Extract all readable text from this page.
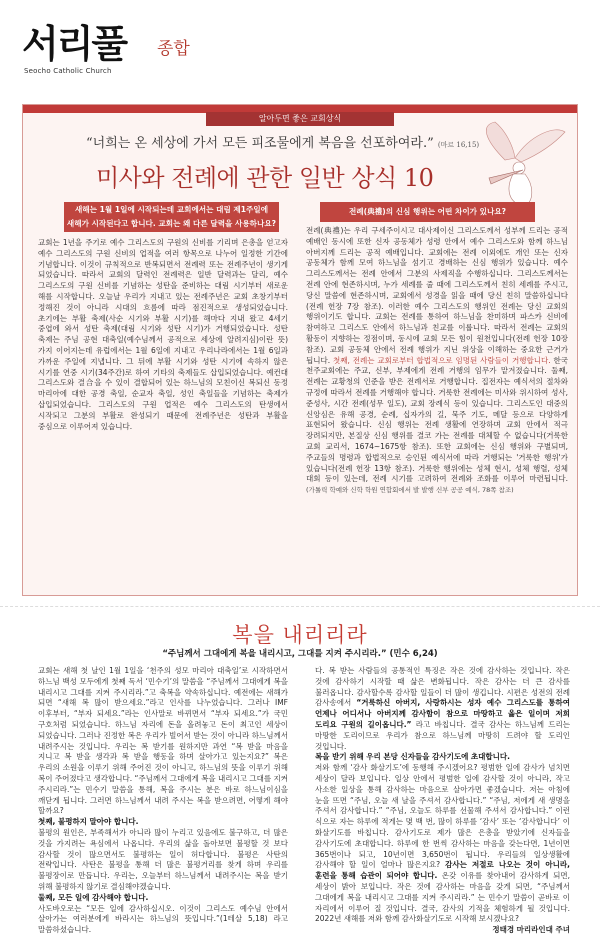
서리풀
Seocho Catholic Church
종합
알아두면 좋은 교회상식
“너희는 온 세상에 가서 모든 피조물에게 복음을 선포하여라.” (마르 16,15)
미사와 전례에 관한 일반 상식 10
새해는 1월 1일에 시작되는데 교회에서는 대림 제1주일에
새해가 시작된다고 합니다. 교회는 왜 다른 달력을 사용하나요?
전례(典禮)의 신심 행위는 어떤 차이가 있나요?
교회는 1년을 주기로 예수 그리스도의 구원의 신비를 기리며 은총을 얻고자 예수 그리스도의 구원 신비의 업적을 여러 항목으로 나누어 일정한 기간에 기념합니다. 이것이 규칙적으로 반복되면서 전례력 또는 전례주년이 생기게 되었습니다. 따라서 교회의 달력인 전례력은 일반 달력과는 달리, 예수 그리스도의 구원 신비를 기념하는 성탄을 준비하는 대림 시기부터 새로운 해를 시작합니다. 오늘날 우리가 지내고 있는 전례주년은 교회 초창기부터 정해진 것이 아니라 시대의 흐름에 따라 점진적으로 생성되었습니다. 초기에는 부활 축제(사순 시기와 부활 시기)를 해마다 지내 왔고 4세기 중엽에 와서 성탄 축제(대림 시기와 성탄 시기)가 거행되었습니다. 성탄 축제는 주님 공현 대축일(예수님께서 공적으로 세상에 알려지심)이란 뜻)가지 이어지는데 유럽에서는 1월 6일에 지내고 우리나라에서는 1월 6일과 가까운 주일에 지냅니다. 그 뒤에 부활 시기와 성탄 시기에 속하지 않은 시기를 연중 시기(34주간)로 하여 기타의 축제들도 삽입되었습니다. 예컨대 그리스도와 결合을 수 있이 결합되어 있는 하느님의 모친이신 복되신 동정 마리아에 대한 공경 축일, 순교자 축일, 성인 축일들을 기념하는 축제가 삽입되었습니다. 그리스도의 구원 업적은 예수 그리스도의 탄생에서 시작되고 그분의 부활로 완성되기 때문에 전례주년은 성탄과 부활을 중심으로 이루어져 있습니다.
전례(典禮)는 우리 구세주이시고 대사제이신 그리스도께서 성부께 드리는 공적 예배인 동시에 또한 신자 공동체가 성령 안에서 예수 그리스도와 함께 하느님 아버지께 드리는 공적 예배입니다. 교회에는 전례 이외에도 개인 또는 신자 공동체가 함께 모여 하느님을 섬기고 경배하는 신심 행위가 있습니다. 예수 그리스도께서는 전례 안에서 그분의 사제직을 수행하십니다. 그리스도께서는 전례 안에 현존하시며, 누가 세례를 줄 때에 그리스도께서 친히 세례를 주시고, 당신 말씀에 현존하시며, 교회에서 성경을 읽을 때에 당신 친히 말씀하십니다(전례 헌장 7장 참조). 이러한 예수 그리스도의 행위인 전례는 당신 교회의 행위이기도 합니다. 교회는 전례를 통하여 하느님을 찬미하며 파스카 신비에 참여하고 그리스도 안에서 하느님과 친교를 이룹니다. 따라서 전례는 교회의 활동이 지향하는 정점이며, 동시에 교회 모든 힘이 원천입니다(전례 헌장 10장 참조). 교회 공동체 안에서 전례 행위가 지닌 위상을 이해하는 중요한 근거가 됩니다. 첫째, 전례는 교회로부터 합법적으로 임명된 사람들이 거행합니다. 한국 천주교회에는 주교, 신부, 부제에게 전례 거행의 임무가 맡겨졌습니다. 둘째, 전례는 교황청의 인준을 받은 전례서로 거행합니다. 집전자는 예식서의 절차와 규정에 따라서 전례를 거행해야 합니다. 거룩한 전례에는 미사와 위시하여 성사, 준성사, 시간 전례(성무 일도), 교회 장례식 등이 있습니다. 그리스도인 대중의 신앙심은 유해 공경, 순례, 십자가의 길, 묵주 기도, 메달 등으로 다양하게 표현되어 왔습니다. 신심 행위는 전례 생활에 연장하며 교회 안에서 적극 장려되지만, 본질상 신심 행위를 결코 가는 전례를 대체할 수 없습니다(거룩한 교회 교리서, 1674~1675항 참조). 또한 교회에는 신심 행위와 구별되며, 주교들의 명령과 합법적으로 승인된 예식서에 따라 거행되는 '거룩한 행위'가 있습니다(전례 헌장 13항 참조). 거룩한 행위에는 성체 현시, 성체 행렬, 성체 대회 등이 있는데, 전례 시기를 고려하여 전례와 조화를 이루어 마련됩니다. (가톨릭 학예와 신학 학원 연합회에서 발 발행 신부 공공 예식, 78쪽 참조)
복을 내리리라
“주님께서 그대에게 복을 내리시고, 그대를 지켜 주시리라.” (민수 6,24)
교회는 새해 첫 날인 1월 1일을 ‘천주의 성모 마리아 대축일’로 시작하면서 하느님 백성 모두에게 첫째 독서 ‘민수기’의 말씀을 “주님께서 그대에게 복을 내리시고 그대를 지켜 주시리라.”고 축복을 약속하십니다. 예전에는 새해가 되면 “새해 복 많이 받으세요.”라고 인사를 나누었습니다. 그러나 IMF 이후부터, “부자 되세요.”라는 인사말로 바뀌면서 “부자 되세요.”가 국민 구호처럼 되었습니다. 하느님 자리에 돈을 올려놓고 돈이 최고인 세상이 되었습니다. 그러나 진정한 복은 우리가 빌어서 받는 것이 아니라 하느님께서 내려주시는 것입니다. 우리는 복 받기를 원하지만 과연 “복 받을 마음을 지니고 복 받을 생각과 복 받을 행동을 하며 살아가고 있는지요?” 복은 우리의 소원을 이루기 위해 주어진 것이 아니고, 하느님의 뜻을 이루기 위해 복이 주어졌다고 생각합니다. “주님께서 그대에게 복을 내리시고 그대를 지켜 주시리라.”는 민수기 말씀을 통해, 복을 주시는 분은 바로 하느님이심을 깨닫게 됩니다. 그러면 하느님께서 내려 주시는 복을 받으려면, 어떻게 해야 할까요?
첫째, 불평하지 말아야 합니다.
불평의 원인은, 부족해서가 아니라 많이 누리고 있음에도 불구하고, 더 많은 것을 가지려는 욕심에서 나옵니다. 우리의 삶을 돌아보면 불평할 것 보다 감사할 것이 많으면서도 불평하는 일이 허다합니다. 불평은 사탄의 전략입니다. 사탄은 불평을 통해 더 많은 불평거리를 찾게 하며 우리를 불평장이로 만듭니다. 우리는, 오늘부터 하느님께서 내려주시는 복을 받기 위해 불평하지 않기로 결심해야겠습니다.
둘째, 모든 일에 감사해야 합니다.
사도바오로는 “모든 일에 감사하십시오. 이것이 그리스도 예수님 안에서 살아가는 여러분에게 바라시는 하느님의 뜻입니다.”(1테살 5,18) 라고 말씀하셨습니다.
다. 복 받는 사람들의 공통적인 특징은 작은 것에 감사하는 것입니다. 작은 것에 감사하기 시작할 때 삶은 변화됩니다. 작은 감사는 더 큰 감사를 불러옵니다. 감사할수록 감사할 일들이 더 많이 생깁니다. 시편은 성전의 전례 감사송에서 “거룩하신 아버지, 사랑하시는 성자 예수 그리스도를 통하여 언제나 어디서나 아버지께 감사함이 참으로 마땅하고 옳은 일이며 저희 도리요 구원의 길이옵니다.” 라고 바칩니다. 결국 감사는 하느님께 드리는 마땅한 도리이므로 우리가 참으로 하느님께 마땅히 드려야 할 도리인 것입니다.
복을 받기 위해 우리 본당 신자들을 감사기도에 초대합니다.
저와 함께 ‘감사 화살기도’에 동행해 주시겠어요? 평범한 일에 감사가 넘치면 세상이 달라 보입니다. 일상 안에서 평범한 일에 감사할 것이 아니라, 작고 사소한 일상을 통해 감사하는 마음으로 살아가면 좋겠습니다. 저는 아침에 눈을 뜨면 “주님, 오늘 새 날을 주셔서 감사합니다.” “주님, 저에게 새 생명을 주셔서 감사합니다.” “주님, 오늘도 하루를 선물해 주셔서 감사합니다.” 이런 식으로 자는 하루에 적게는 몇 백 번, 많이 하루를 ‘감사’ 또는 ‘감사합니다’ 이 화살기도를 바칩니다. 감사기도로 제가 많은 은총을 받았기에 신자들을 감사기도에 초대합니다. 하루에 한 번씩 감사하는 마음을 갖는다면, 1년이면 365번이나 되고, 10년이면 3,650번이 됩니다. 우리들의 일상생활에 감사해야 할 일이 얼마나 많은지요? 감사는 저절로 나오는 것이 아니라, 훈련을 통해 습관이 되어야 합니다. 온갖 이유를 찾아내어 감사하게 되면, 세상이 밝아 보입니다. 작은 것에 감사하는 마음을 갖게 되면, “주님께서 그대에게 복을 내리시고 그대를 지켜 주시리라.” 는 민수기 말씀이 곧바로 이 자리에서 이루어 질 것입니다. 결국, 감사의 기적을 체험하게 될 것입니다. 2022년 새해를 저와 함께 감사화살기도로 시작해 보시겠나요?
정태경 마리라인대 주녀
